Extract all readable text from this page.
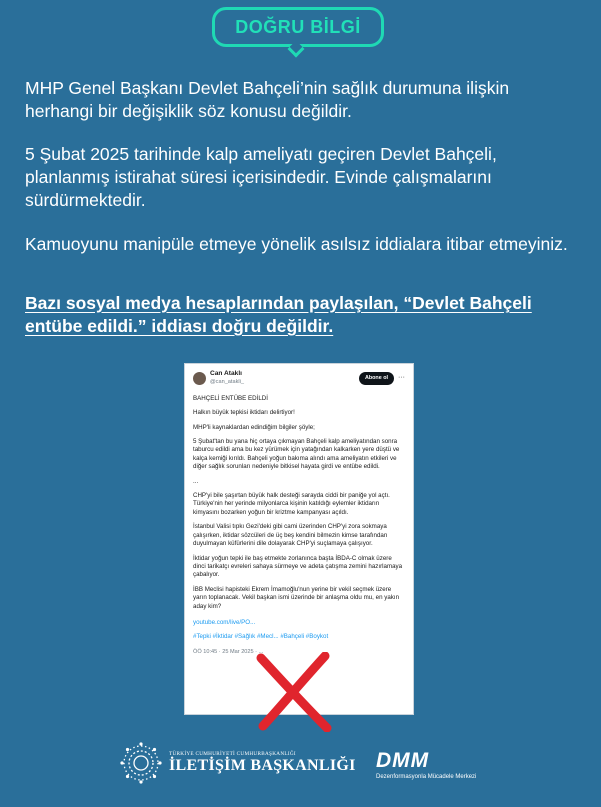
DOĞRU BİLGİ
MHP Genel Başkanı Devlet Bahçeli’nin sağlık durumuna ilişkin herhangi bir değişiklik söz konusu değildir.
5 Şubat 2025 tarihinde kalp ameliyatı geçiren Devlet Bahçeli, planlanmış istirahat süresi içerisindedir. Evinde çalışmalarını sürdürmektedir.
Kamuoyunu manipüle etmeye yönelik asılsız iddialara itibar etmeyiniz.
Bazı sosyal medya hesaplarından paylaşılan, “Devlet Bahçeli entübe edildi.” iddiası doğru değildir.
Can Ataklı
@can_atakli_
Abone ol	···
BAHÇELİ ENTÜBE EDİLDİ
Halkın büyük tepkisi iktidarı delirtiyor!
MHP'li kaynaklardan edindiğim bilgiler şöyle;
5 Şubat'tan bu yana hiç ortaya çıkmayan Bahçeli kalp ameliyatından sonra taburcu edildi ama bu kez yürümek için yatağından kalkarken yere düştü ve kalça kemiği kırıldı. Bahçeli yoğun bakıma alındı ama ameliyatın etkileri ve diğer sağlık sorunları nedeniyle bitkisel hayata girdi ve entübe edildi.
...
CHP'yi bile şaşırtan büyük halk desteği sarayda ciddi bir paniğe yol açtı. Türkiye'nin her yerinde milyonlarca kişinin katıldığı eylemler iktidarın kimyasını bozarken yoğun bir kriztme kampanyası açıldı.
İstanbul Valisi tıpkı Gezi'deki gibi cami üzerinden CHP'yi zora sokmaya çalışırken, iktidar sözcüleri de üç beş kendini bilmezin kimse tarafından duyulmayan küfürlerini dile dolayarak CHP'yi suçlamaya çalışıyor.
İktidar yoğun tepki ile baş etmekte zorlanınca başta İBDA-C olmak üzere dinci tarikatçı evreleri sahaya sürmeye ve adeta çatışma zemini hazırlamaya çabalıyor.
İBB Meclisi hapisteki Ekrem İmamoğlu'nun yerine bir vekil seçmek üzere yarın toplanacak. Vekil başkan ismi üzerinde bir anlaşma oldu mu, en yakın aday kim?
youtube.com/live/PO...
#Tepki #İktidar #Sağlık #Mecl... #Bahçeli #Boykot
ÖÖ 10:45 · 25 Mar 2025 · ...
TÜRKİYE CUMHURİYETİ CUMHURBAŞKANLIĞI
İLETİŞİM BAŞKANLIĞI DMM
Dezenformasyonla Mücadele Merkezi
